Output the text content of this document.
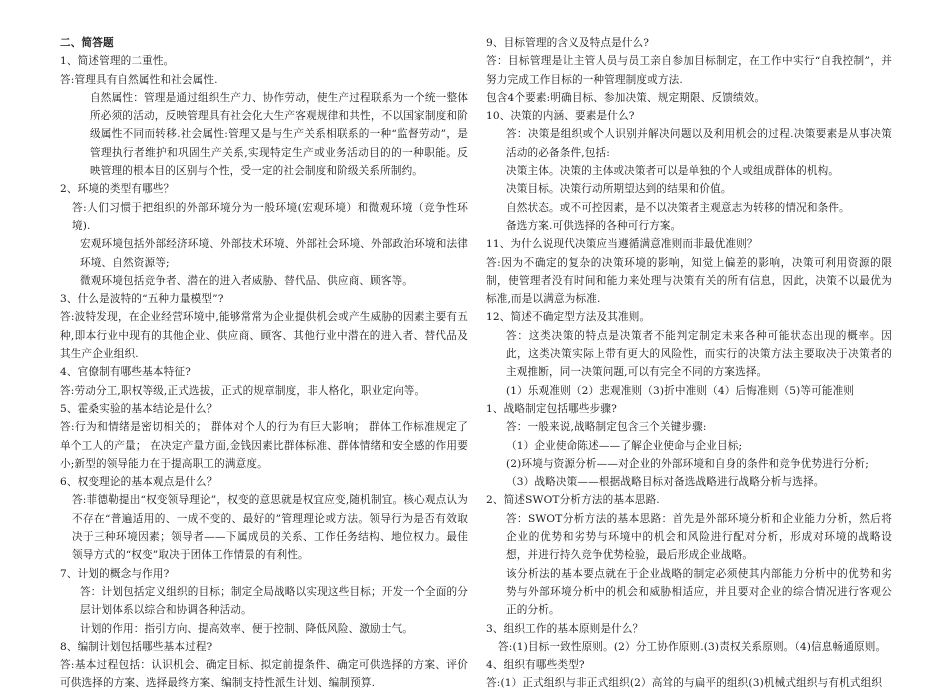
二、简答题

1、简述管理的二重性。

答:管理具有自然属性和社会属性.

自然属性：管理是通过组织生产力、协作劳动，使生产过程联系为一个统一整体所必须的活动，反映管理具有社会化大生产客观规律和共性，不以国家制度和阶级属性不同而转移.社会属性:管理又是与生产关系相联系的一种“监督劳动”，是管理执行者维护和巩固生产关系,实现特定生产或业务活动目的的一种职能。反映管理的根本目的区别与个性，受一定的社会制度和阶级关系所制约。

2、环境的类型有哪些？

答:人们习惯于把组织的外部环境分为一般环境(宏观环境）和微观环境（竞争性环境).

宏观环境包括外部经济环境、外部技术环境、外部社会环境、外部政治环境和法律环境、自然资源等;

微观环境包括竞争者、潜在的进入者威胁、替代品、供应商、顾客等。

3、什么是波特的“五种力量模型”?

答:波特发现，在企业经营环境中,能够常常为企业提供机会或产生威胁的因素主要有五种,即本行业中现有的其他企业、供应商、顾客、其他行业中潜在的进入者、替代品及其生产企业组织.

4、官僚制有哪些基本特征?

答:劳动分工,职权等级,正式选拔，正式的规章制度，非人格化，职业定向等。

5、霍桑实验的基本结论是什么？

答:行为和情绪是密切相关的； 群体对个人的行为有巨大影响； 群体工作标准规定了单个工人的产量； 在决定产量方面,金钱因素比群体标准、群体情绪和安全感的作用要小;新型的领导能力在于提高职工的满意度。

6、权变理论的基本观点是什么？

答:菲德勒提出“权变领导理论”，权变的意思就是权宜应变,随机制宜。核心观点认为不存在“普遍适用的、一成不变的、最好的”管理理论或方法。领导行为是否有效取决于三种环境因素；领导者——下属成员的关系、工作任务结构、地位权力。最佳领导方式的“权变”取决于团体工作情景的有利性。

7、计划的概念与作用?

答：计划包括定义组织的目标；制定全局战略以实现这些目标；开发一个全面的分层计划体系以综合和协调各种活动。

计划的作用：指引方向、提高效率、便于控制、降低风险、激励士气。

8、编制计划包括哪些基本过程?

答:基本过程包括：认识机会、确定目标、拟定前提条件、确定可供选择的方案、评价可供选择的方案、选择最终方案、编制支持性派生计划、编制预算.

9、目标管理的含义及特点是什么?

答：目标管理是让主管人员与员工亲自参加目标制定，在工作中实行“自我控制”，并努力完成工作目标的一种管理制度或方法.

包含4个要素:明确目标、参加决策、规定期限、反馈绩效。

10、决策的内涵、要素是什么?

答：决策是组织或个人识别并解决问题以及利用机会的过程.决策要素是从事决策活动的必备条件,包括:

决策主体。决策的主体或决策者可以是单独的个人或组成群体的机构。

决策目标。决策行动所期望达到的结果和价值。

自然状态。或不可控因素，是不以决策者主观意志为转移的情况和条件。

备选方案.可供选择的各种可行方案。

11、为什么说现代决策应当遵循满意准则而非最优准则？

答:因为不确定的复杂的决策环境的影响，知觉上偏差的影响，决策可利用资源的限制，使管理者没有时间和能力来处理与决策有关的所有信息，因此，决策不以最优为标准,而是以满意为标准.

12、简述不确定型方法及其准则。

答：这类决策的特点是决策者不能判定制定未来各种可能状态出现的概率。因此，这类决策实际上带有更大的风险性，而实行的决策方法主要取决于决策者的主观推断，同一决策问题,可以有完全不同的方案选择。

(1）乐观准则（2）悲观准则（3)折中准则（4）后悔准则（5)等可能准则

1、战略制定包括哪些步骤?

答：一般来说,战略制定包含三个关键步骤:

（1）企业使命陈述——了解企业使命与企业目标;

(2)环境与资源分析——对企业的外部环境和自身的条件和竞争优势进行分析;

（3）战略决策——根据战略目标对备选战略进行战略分析与选择。

2、简述SWOT分析方法的基本思路.

答：SWOT分析方法的基本思路：首先是外部环境分析和企业能力分析，然后将企业的优势和劣势与环境中的机会和风险进行配对分析，形成对环境的战略设想，并进行持久竞争优势检验，最后形成企业战略。

该分析法的基本要点就在于企业战略的制定必须使其内部能力分析中的优势和劣势与外部环境分析中的机会和威胁相适应，并且要对企业的综合情况进行客观公正的分析。

3、组织工作的基本原则是什么？

答:(1)目标一致性原则。(2）分工协作原则.(3)责权关系原则。（4)信息畅通原则。

4、组织有哪些类型?

答:(1）正式组织与非正式组织(2）高耸的与扁平的组织(3)机械式组织与有机式组织
